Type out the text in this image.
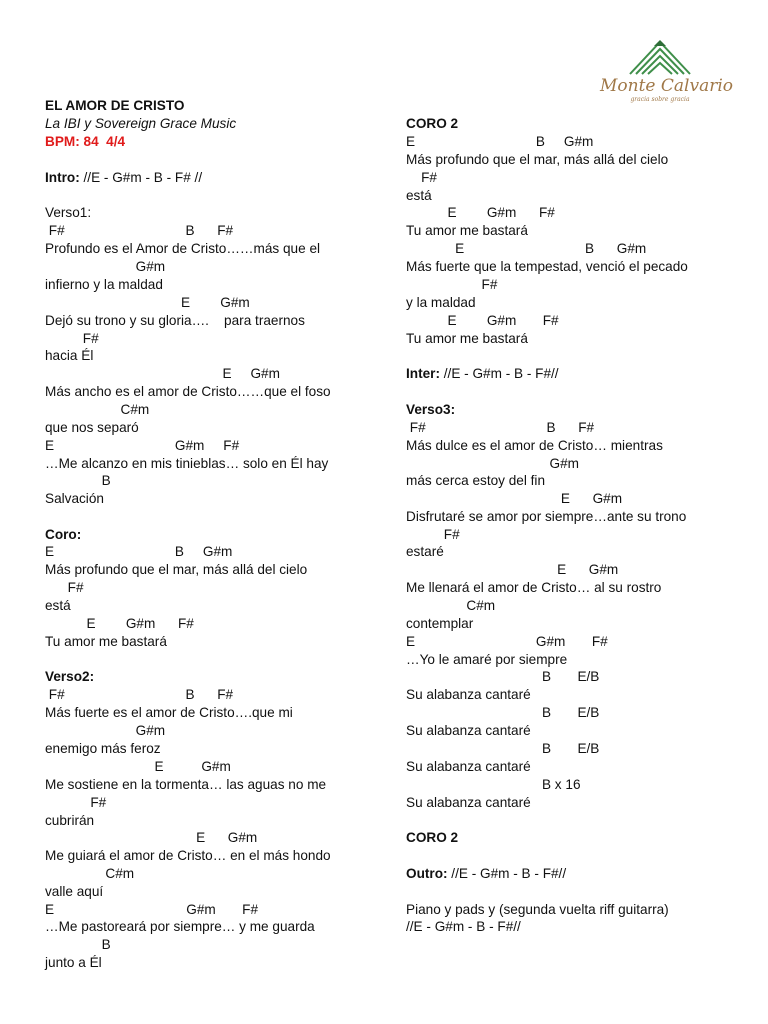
Monte Calvario
gracia sobre gracia
EL AMOR DE CRISTO
La IBI y Sovereign Grace Music
BPM: 84  4/4
Intro: //E - G#m - B - F# //
Verso1:
F#                                B      F#
Profundo es el Amor de Cristo……más que el
G#m
infierno y la maldad
E        G#m
Dejó su trono y su gloria….    para traernos
F#
hacia Él
E     G#m
Más ancho es el amor de Cristo……que el foso
C#m
que nos separó
E                                G#m     F#
…Me alcanzo en mis tinieblas… solo en Él hay
B
Salvación
Coro:
E                                B     G#m
Más profundo que el mar, más allá del cielo
F#
está
E        G#m      F#
Tu amor me bastará
Verso2:
F#                                B      F#
Más fuerte es el amor de Cristo….que mi
G#m
enemigo más feroz
E          G#m
Me sostiene en la tormenta… las aguas no me
F#
cubrirán
E      G#m
Me guiará el amor de Cristo… en el más hondo
C#m
valle aquí
E                                   G#m       F#
…Me pastoreará por siempre… y me guarda
B
junto a Él
CORO 2
E                                B     G#m
Más profundo que el mar, más allá del cielo
F#
está
E        G#m      F#
Tu amor me bastará
E                                B      G#m
Más fuerte que la tempestad, venció el pecado
F#
y la maldad
E        G#m       F#
Tu amor me bastará
Inter: //E - G#m - B - F#//
Verso3:
F#                                B      F#
Más dulce es el amor de Cristo… mientras
G#m
más cerca estoy del fin
E      G#m
Disfrutaré se amor por siempre…ante su trono
F#
estaré
E      G#m
Me llenará el amor de Cristo… al su rostro
C#m
contemplar
E                                G#m       F#
…Yo le amaré por siempre
B       E/B
Su alabanza cantaré
B       E/B
Su alabanza cantaré
B       E/B
Su alabanza cantaré
B x 16
Su alabanza cantaré
CORO 2
Outro: //E - G#m - B - F#//
Piano y pads y (segunda vuelta riff guitarra)
//E - G#m - B - F#//
